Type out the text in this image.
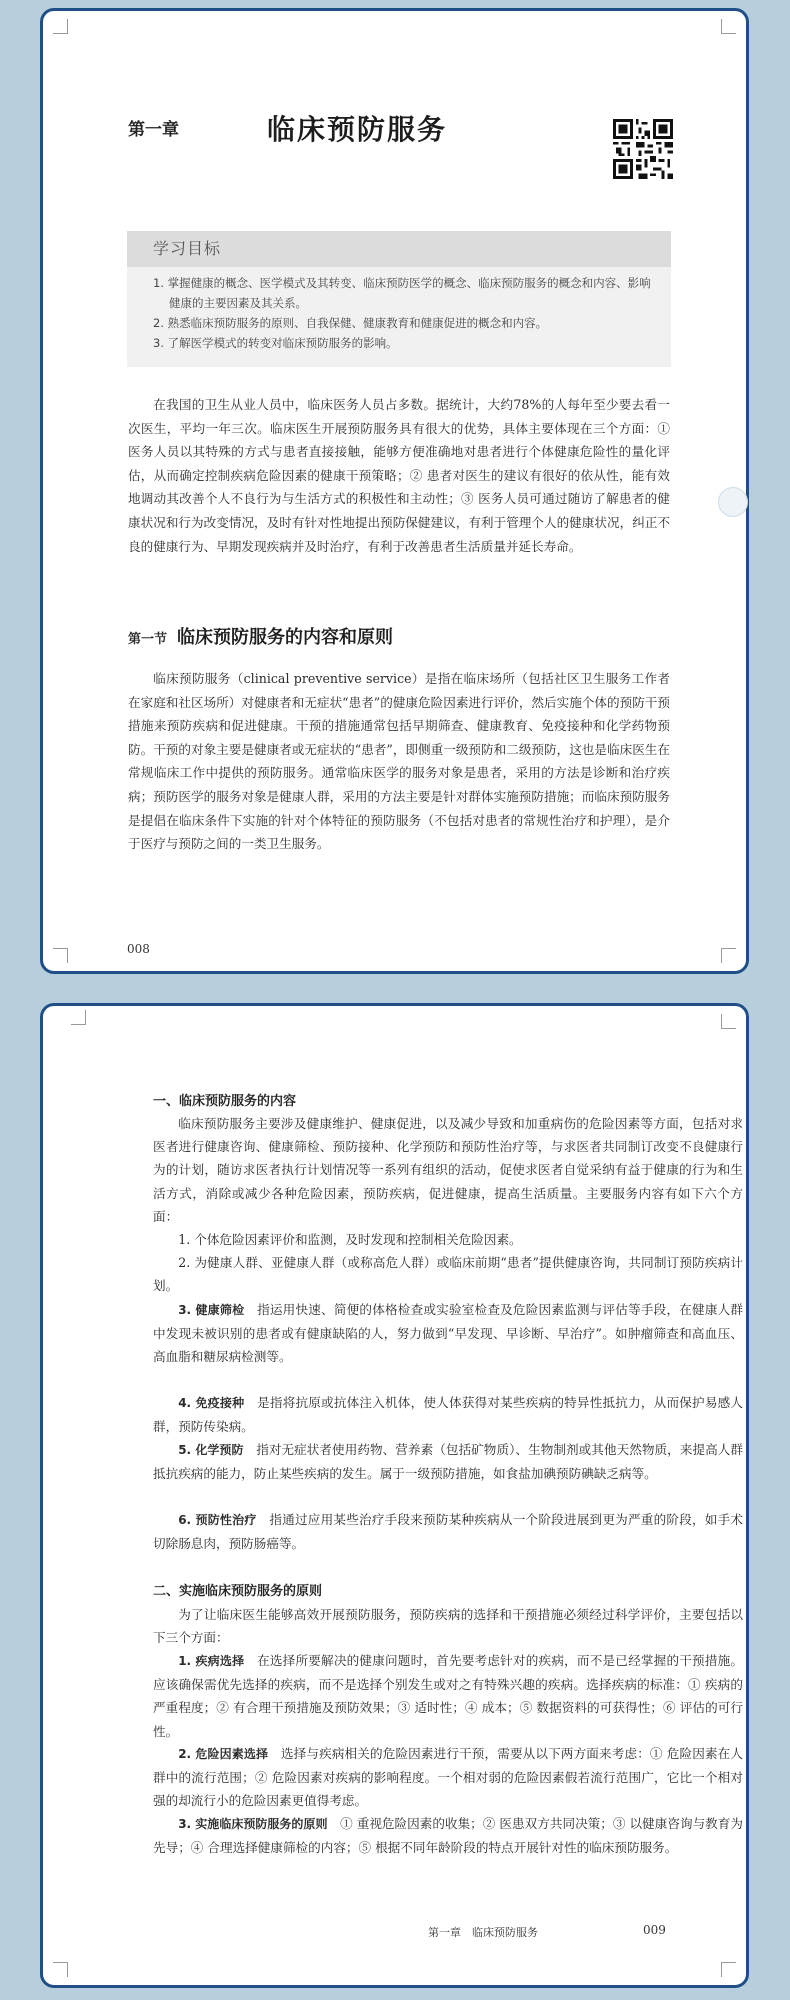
第一章	临床预防服务
学习目标
1. 掌握健康的概念、医学模式及其转变、临床预防医学的概念、临床预防服务的概念和内容、影响健康的主要因素及其关系。
2. 熟悉临床预防服务的原则、自我保健、健康教育和健康促进的概念和内容。
3. 了解医学模式的转变对临床预防服务的影响。
在我国的卫生从业人员中，临床医务人员占多数。据统计，大约78%的人每年至少要去看一次医生，平均一年三次。临床医生开展预防服务具有很大的优势，具体主要体现在三个方面：① 医务人员以其特殊的方式与患者直接接触，能够方便准确地对患者进行个体健康危险性的量化评估，从而确定控制疾病危险因素的健康干预策略；② 患者对医生的建议有很好的依从性，能有效地调动其改善个人不良行为与生活方式的积极性和主动性；③ 医务人员可通过随访了解患者的健康状况和行为改变情况，及时有针对性地提出预防保健建议，有利于管理个人的健康状况，纠正不良的健康行为、早期发现疾病并及时治疗，有利于改善患者生活质量并延长寿命。
第一节 临床预防服务的内容和原则
临床预防服务（clinical preventive service）是指在临床场所（包括社区卫生服务工作者在家庭和社区场所）对健康者和无症状“患者”的健康危险因素进行评价，然后实施个体的预防干预措施来预防疾病和促进健康。干预的措施通常包括早期筛查、健康教育、免疫接种和化学药物预防。干预的对象主要是健康者或无症状的“患者”，即侧重一级预防和二级预防，这也是临床医生在常规临床工作中提供的预防服务。通常临床医学的服务对象是患者，采用的方法是诊断和治疗疾病；预防医学的服务对象是健康人群，采用的方法主要是针对群体实施预防措施；而临床预防服务是提倡在临床条件下实施的针对个体特征的预防服务（不包括对患者的常规性治疗和护理），是介于医疗与预防之间的一类卫生服务。
008
一、临床预防服务的内容
临床预防服务主要涉及健康维护、健康促进，以及减少导致和加重病伤的危险因素等方面，包括对求医者进行健康咨询、健康筛检、预防接种、化学预防和预防性治疗等，与求医者共同制订改变不良健康行为的计划，随访求医者执行计划情况等一系列有组织的活动，促使求医者自觉采纳有益于健康的行为和生活方式，消除或减少各种危险因素，预防疾病，促进健康，提高生活质量。主要服务内容有如下六个方面：
1. 个体危险因素评价和监测，及时发现和控制相关危险因素。
2. 为健康人群、亚健康人群（或称高危人群）或临床前期“患者”提供健康咨询，共同制订预防疾病计划。
3. 健康筛检　 指运用快速、简便的体格检查或实验室检查及危险因素监测与评估等手段，在健康人群中发现未被识别的患者或有健康缺陷的人，努力做到“早发现、早诊断、早治疗”。如肿瘤筛查和高血压、高血脂和糖尿病检测等。
4. 免疫接种　 是指将抗原或抗体注入机体，使人体获得对某些疾病的特异性抵抗力，从而保护易感人群，预防传染病。
5. 化学预防　 指对无症状者使用药物、营养素（包括矿物质）、生物制剂或其他天然物质，来提高人群抵抗疾病的能力，防止某些疾病的发生。属于一级预防措施，如食盐加碘预防碘缺乏病等。
6. 预防性治疗　 指通过应用某些治疗手段来预防某种疾病从一个阶段进展到更为严重的阶段，如手术切除肠息肉，预防肠癌等。
二、实施临床预防服务的原则
为了让临床医生能够高效开展预防服务，预防疾病的选择和干预措施必须经过科学评价，主要包括以下三个方面：
1. 疾病选择　 在选择所要解决的健康问题时，首先要考虑针对的疾病，而不是已经掌握的干预措施。应该确保需优先选择的疾病，而不是选择个别发生或对之有特殊兴趣的疾病。选择疾病的标准：① 疾病的严重程度；② 有合理干预措施及预防效果；③ 适时性；④ 成本；⑤ 数据资料的可获得性；⑥ 评估的可行性。
2. 危险因素选择　 选择与疾病相关的危险因素进行干预，需要从以下两方面来考虑：① 危险因素在人群中的流行范围；② 危险因素对疾病的影响程度。一个相对弱的危险因素假若流行范围广，它比一个相对强的却流行小的危险因素更值得考虑。
3. 实施临床预防服务的原则　 ① 重视危险因素的收集；② 医患双方共同决策；③ 以健康咨询与教育为先导；④ 合理选择健康筛检的内容；⑤ 根据不同年龄阶段的特点开展针对性的临床预防服务。
第一章　临床预防服务	009
